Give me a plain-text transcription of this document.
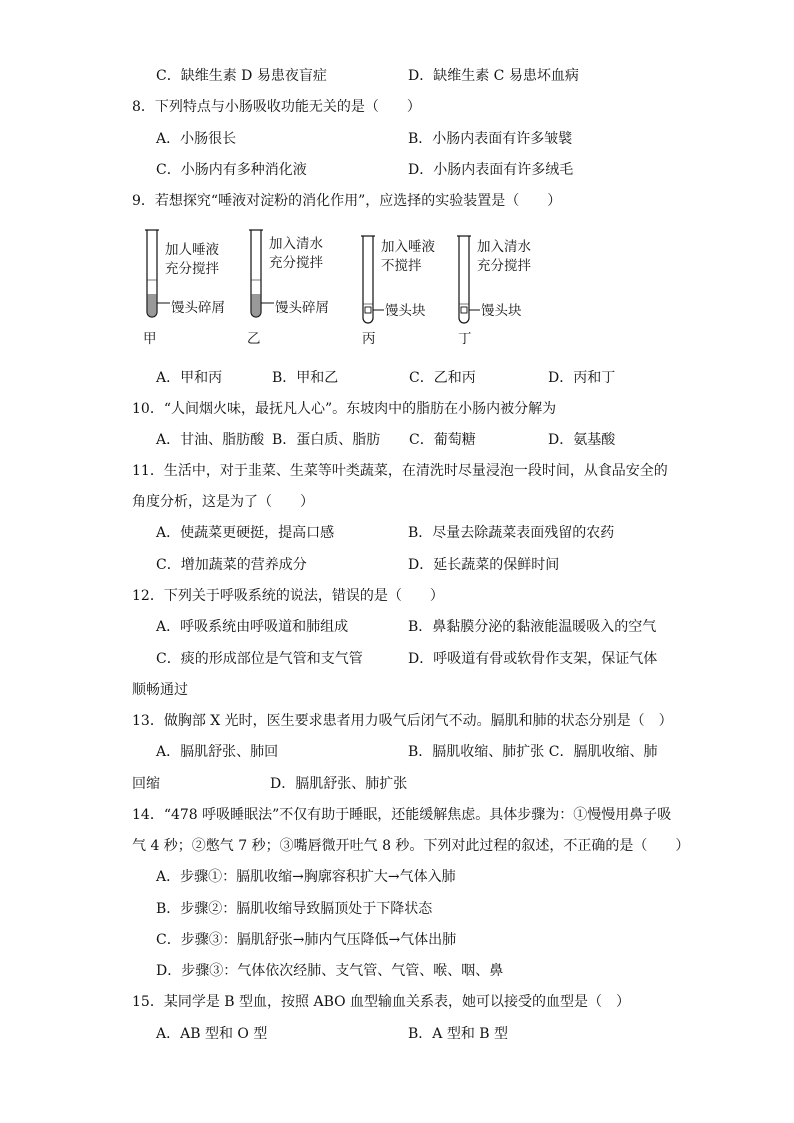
C．缺维生素 D 易患夜盲症	D．缺维生素 C 易患坏血病
8．下列特点与小肠吸收功能无关的是（　　）
A．小肠很长	B．小肠内表面有许多皱襞
C．小肠内有多种消化液	D．小肠内表面有许多绒毛
9．若想探究“唾液对淀粉的消化作用”，应选择的实验装置是（　　）
加人唾液
充分搅拌
馒头碎屑
甲
加入清水
充分搅拌
馒头碎屑
乙
加入唾液
不搅拌
馒头块
丙
加入清水
充分搅拌
馒头块
丁
A．甲和丙	B．甲和乙	C．乙和丙	D．丙和丁
10．“人间烟火味，最抚凡人心”。东坡肉中的脂肪在小肠内被分解为
A．甘油、脂肪酸 B．蛋白质、脂肪 C．葡萄糖	D．氨基酸
11．生活中，对于韭菜、生菜等叶类蔬菜，在清洗时尽量浸泡一段时间，从食品安全的
角度分析，这是为了（　　）
A．使蔬菜更硬挺，提高口感	B．尽量去除蔬菜表面残留的农药
C．增加蔬菜的营养成分	D．延长蔬菜的保鲜时间
12．下列关于呼吸系统的说法，错误的是（　　）
A．呼吸系统由呼吸道和肺组成	B．鼻黏膜分泌的黏液能温暖吸入的空气
C．痰的形成部位是气管和支气管	D．呼吸道有骨或软骨作支架，保证气体
顺畅通过
13．做胸部 X 光时，医生要求患者用力吸气后闭气不动。膈肌和肺的状态分别是（　）
A．膈肌舒张、肺回	B．膈肌收缩、肺扩张 C．膈肌收缩、肺
回缩	D．膈肌舒张、肺扩张
14．“478 呼吸睡眠法”不仅有助于睡眠，还能缓解焦虑。具体步骤为：①慢慢用鼻子吸
气 4 秒；②憋气 7 秒；③嘴唇微开吐气 8 秒。下列对此过程的叙述，不正确的是（　　）
A．步骤①：膈肌收缩→胸廓容积扩大→气体入肺
B．步骤②：膈肌收缩导致膈顶处于下降状态
C．步骤③：膈肌舒张→肺内气压降低→气体出肺
D．步骤③：气体依次经肺、支气管、气管、喉、咽、鼻
15．某同学是 B 型血，按照 ABO 血型输血关系表，她可以接受的血型是（　）
A．AB 型和 O 型	B．A 型和 B 型
